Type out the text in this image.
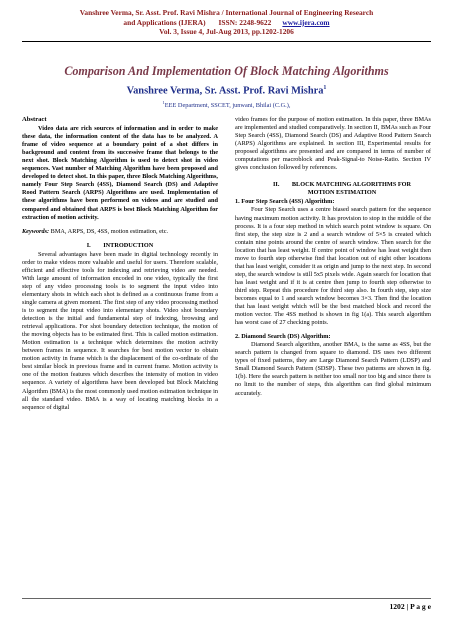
Vanshree Verma, Sr. Asst. Prof. Ravi Mishra / International Journal of Engineering Research
and Applications (IJERA) ISSN: 2248-9622 www.ijera.com
Vol. 3, Issue 4, Jul-Aug 2013, pp.1202-1206
Comparison And Implementation Of Block Matching Algorithms
Vanshree Verma, Sr. Asst. Prof. Ravi Mishra$^1$
$^1$EEE Department, SSCET, junwani, Bhilai (C.G.),
Abstract

Video data are rich sources of information and in order to make these data, the information content of the data has to be analyzed. A frame of video sequence at a boundary point of a shot differs in background and content from its successive frame that belongs to the next shot. Block Matching Algorithm is used to detect shot in video sequences. Vast number of Matching Algorithm have been proposed and developed to detect shot. In this paper, three Block Matching Algorithms, namely Four Step Search (4SS), Diamond Search (DS) and Adaptive Rood Pattern Search (ARPS) Algorithms are used. Implementation of these algorithms have been performed on videos and are studied and compared and obtained that ARPS is best Block Matching Algorithm for extraction of motion activity.

Keywords: BMA, ARPS, DS, 4SS, motion estimation, etc.

I.        INTRODUCTION

Several advantages have been made in digital technology recently in order to make videos more valuable and useful for users. Therefore scalable, efficient and effective tools for indexing and retrieving video are needed. With large amount of information encoded in one video, typically the first step of any video processing tools is to segment the input video into elementary shots in which each shot is defined as a continuous frame from a single camera at given moment. The first step of any video processing method is to segment the input video into elementary shots. Video shot boundary detection is the initial and fundamental step of indexing, browsing and retrieval applications. For shot boundary detection technique, the motion of the moving objects has to be estimated first. This is called motion estimation. Motion estimation is a technique which determines the motion activity between frames in sequence. It searches for best motion vector to obtain motion activity in frame which is the displacement of the co-ordinate of the best similar block in previous frame and in current frame. Motion activity is one of the motion features which describes the intensity of motion in video sequence. A variety of algorithms have been developed but Block Matching Algorithm (BMA) is the most commonly used motion estimation technique in all the standard video. BMA is a way of locating matching blocks in a sequence of digital

video frames for the purpose of motion estimation. In this paper, three BMAs are implemented and studied comparatively. In section II, BMAs such as Four Step Search (4SS), Diamond Search (DS) and Adaptive Rood Pattern Search (ARPS) Algorithms are explained. In section III, Experimental results for proposed algorithms are presented and are compared in terms of number of computations per macroblock and Peak-Signal-to Noise-Ratio. Section IV gives conclusion followed by references.

II.        BLOCK MATCHING ALGORITHMS FOR MOTION ESTIMATION
1. Four Step Search (4SS) Algorithm:

Four Step Search uses a centre biased search pattern for the sequence having maximum motion activity. It has provision to stop in the middle of the process. It is a four step method in which search point window is square. On first step, the step size is 2 and a search window of 5×5 is created which contain nine points around the centre of search window. Then search for the location that has least weight. If centre point of window has least weight then move to fourth step otherwise find that location out of eight other locations that has least weight, consider it as origin and jump to the next step. In second step, the search window is still 5x5 pixels wide. Again search for location that has least weight and if it is at centre then jump to fourth step otherwise to third step. Repeat this procedure for third step also. In fourth step, step size becomes equal to 1 and search window becomes 3×3. Then find the location that has least weight which will be the best matched block and record the motion vector. The 4SS method is shown in fig 1(a). This search algorithm has worst case of 27 checking points.

2. Diamond Search (DS) Algorithm:

Diamond Search algorithm, another BMA, is the same as 4SS, but the search pattern is changed from square to diamond. DS uses two different types of fixed patterns, they are Large Diamond Search Pattern (LDSP) and Small Diamond Search Pattern (SDSP). These two patterns are shown in fig. 1(b). Here the search pattern is neither too small nor too big and since there is no limit to the number of steps, this algorithm can find global minimum accurately.

1202 | P a g e
